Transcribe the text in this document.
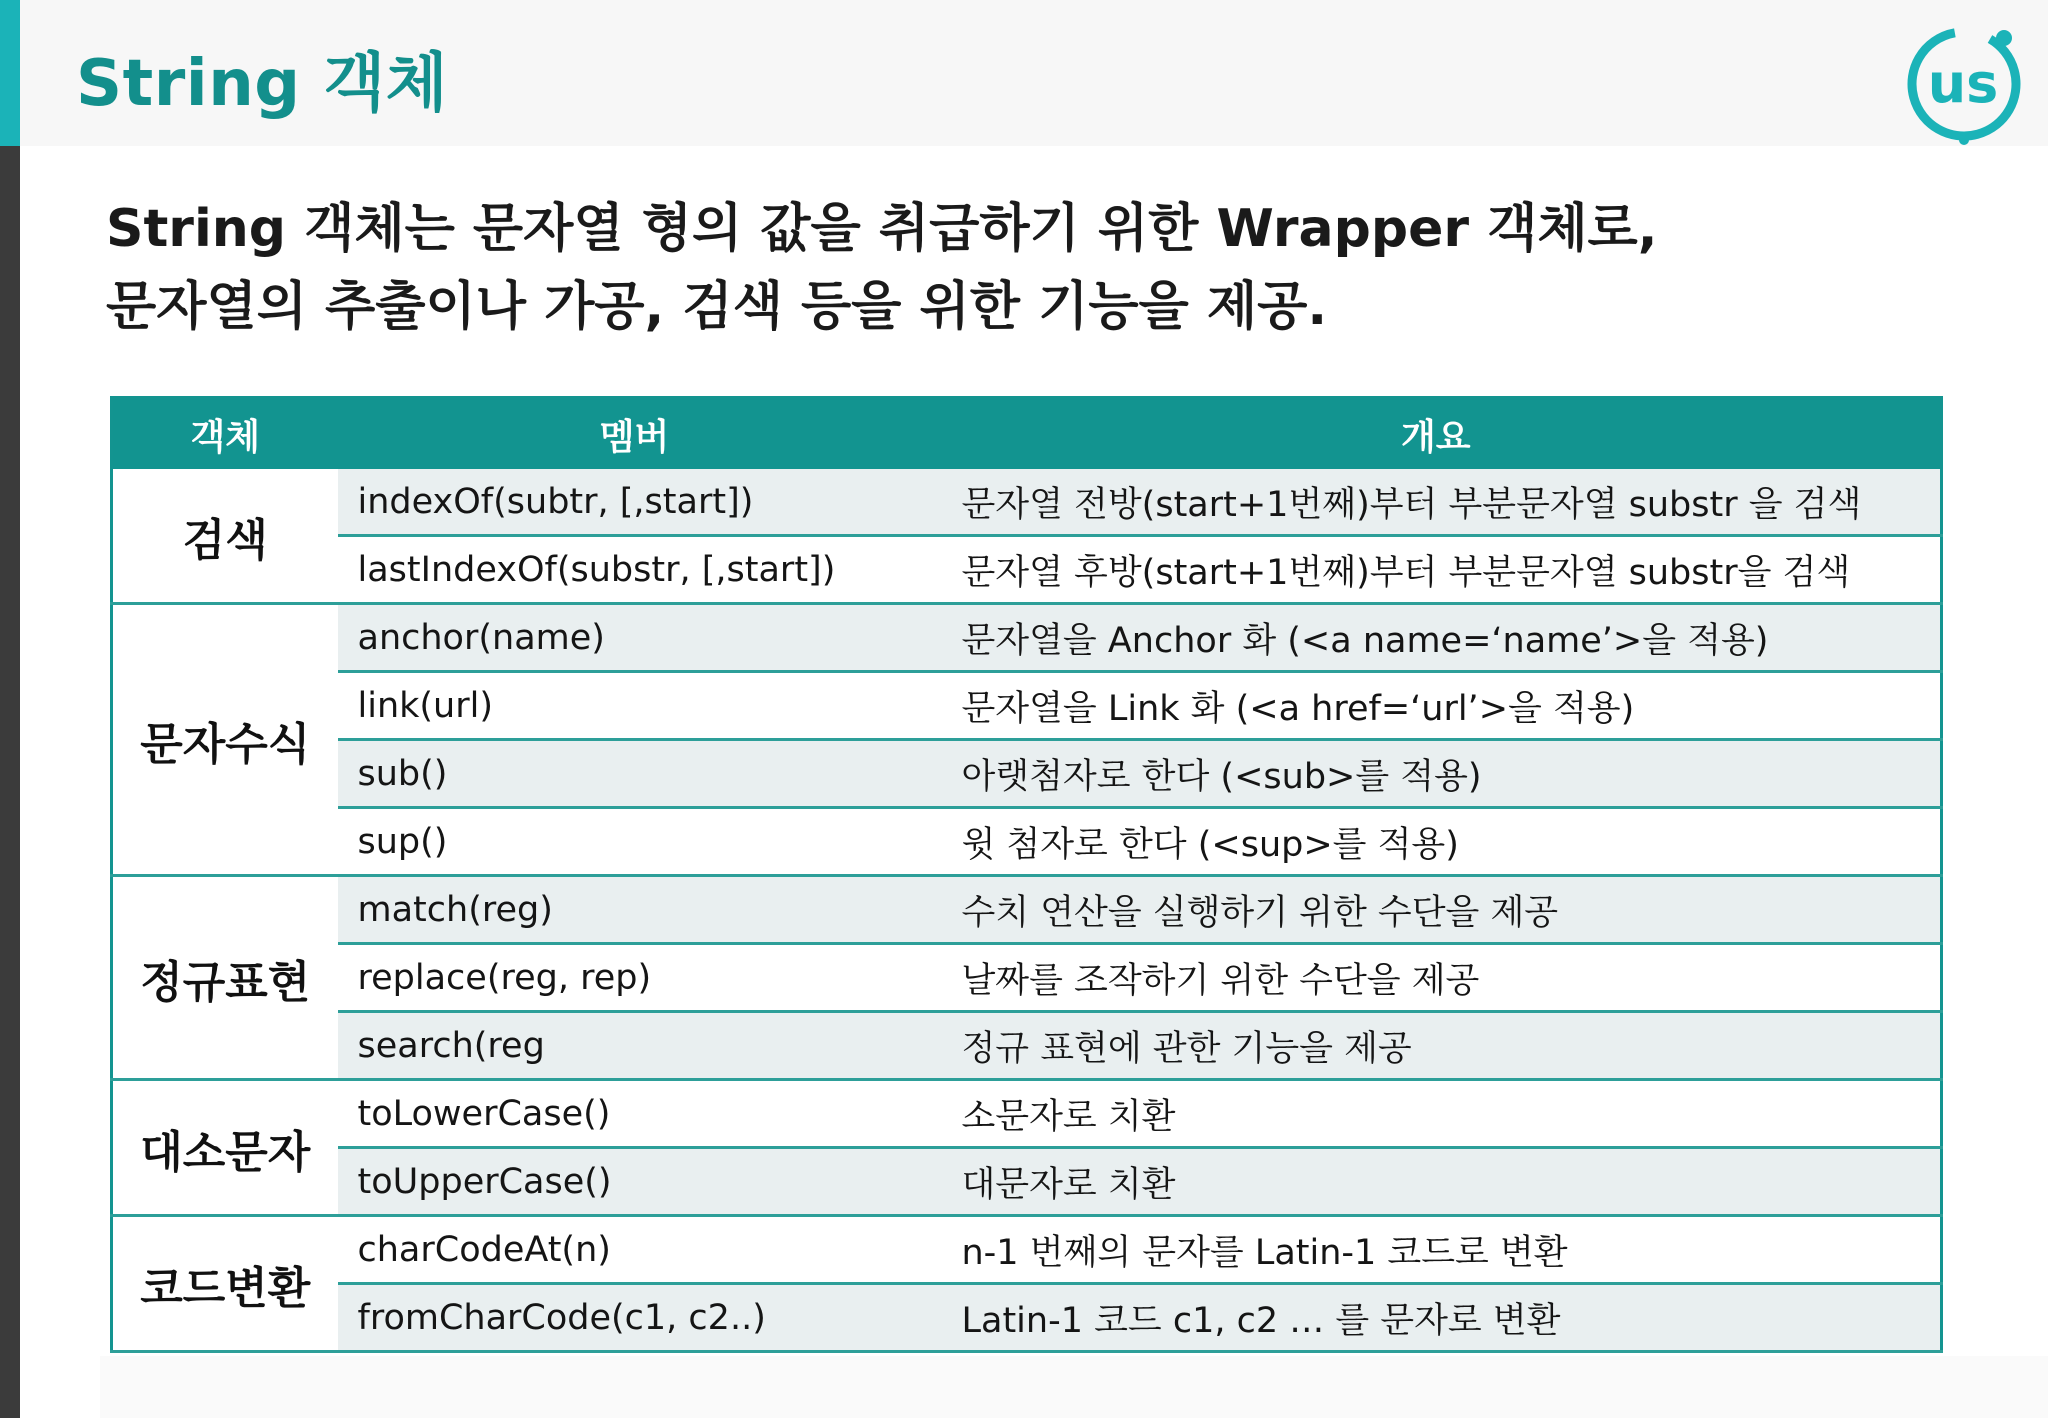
String 객체	us
String 객체는 문자열 형의 값을 취급하기 위한 Wrapper 객체로,
문자열의 추출이나 가공, 검색 등을 위한 기능을 제공.
객체	멤버	개요
검색	indexOf(subtr, [,start])	문자열 전방(start+1번째)부터 부분문자열 substr 을 검색
	lastIndexOf(substr, [,start])	문자열 후방(start+1번째)부터 부분문자열 substr을 검색
문자수식	anchor(name)	문자열을 Anchor 화 (<a name=‘name’>을 적용)
	link(url)	문자열을 Link 화 (<a href=‘url’>을 적용)
	sub()	아랫첨자로 한다 (<sub>를 적용)
	sup()	윗 첨자로 한다 (<sup>를 적용)
정규표현	match(reg)	수치 연산을 실행하기 위한 수단을 제공
	replace(reg, rep)	날짜를 조작하기 위한 수단을 제공
	search(reg	정규 표현에 관한 기능을 제공
대소문자	toLowerCase()	소문자로 치환
	toUpperCase()	대문자로 치환
코드변환	charCodeAt(n)	n-1 번째의 문자를 Latin-1 코드로 변환
	fromCharCode(c1, c2..)	Latin-1 코드 c1, c2 … 를 문자로 변환
